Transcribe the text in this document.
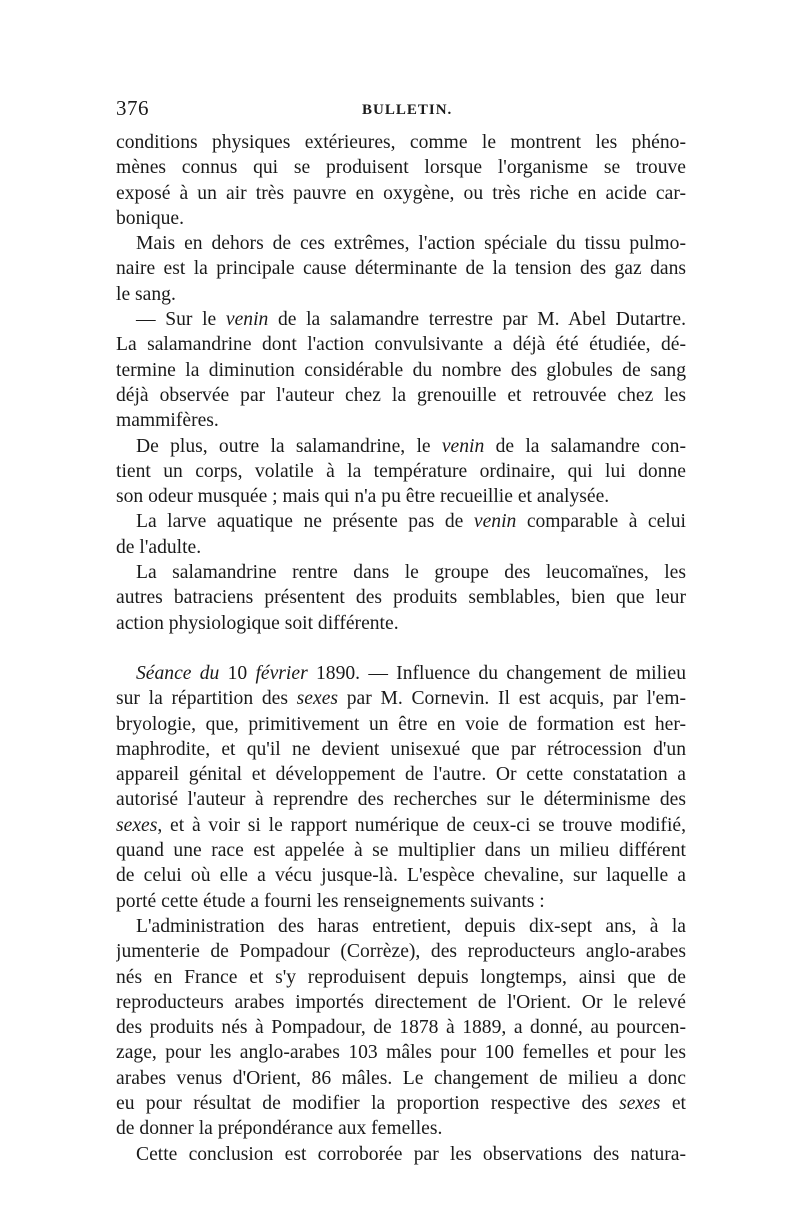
376	BULLETIN.
conditions physiques extérieures, comme le montrent les phéno-
mènes connus qui se produisent lorsque l'organisme se trouve
exposé à un air très pauvre en oxygène, ou très riche en acide car-
bonique.
Mais en dehors de ces extrêmes, l'action spéciale du tissu pulmo-
naire est la principale cause déterminante de la tension des gaz dans
le sang.
— Sur le venin de la salamandre terrestre par M. Abel Dutartre.
La salamandrine dont l'action convulsivante a déjà été étudiée, dé-
termine la diminution considérable du nombre des globules de sang
déjà observée par l'auteur chez la grenouille et retrouvée chez les
mammifères.
De plus, outre la salamandrine, le venin de la salamandre con-
tient un corps, volatile à la température ordinaire, qui lui donne
son odeur musquée ; mais qui n'a pu être recueillie et analysée.
La larve aquatique ne présente pas de venin comparable à celui
de l'adulte.
La salamandrine rentre dans le groupe des leucomaïnes, les
autres batraciens présentent des produits semblables, bien que leur
action physiologique soit différente.
Séance du 10 février 1890. — Influence du changement de milieu
sur la répartition des sexes par M. Cornevin. Il est acquis, par l'em-
bryologie, que, primitivement un être en voie de formation est her-
maphrodite, et qu'il ne devient unisexué que par rétrocession d'un
appareil génital et développement de l'autre. Or cette constatation a
autorisé l'auteur à reprendre des recherches sur le déterminisme des
sexes, et à voir si le rapport numérique de ceux-ci se trouve modifié,
quand une race est appelée à se multiplier dans un milieu différent
de celui où elle a vécu jusque-là. L'espèce chevaline, sur laquelle a
porté cette étude a fourni les renseignements suivants :
L'administration des haras entretient, depuis dix-sept ans, à la
jumenterie de Pompadour (Corrèze), des reproducteurs anglo-arabes
nés en France et s'y reproduisent depuis longtemps, ainsi que de
reproducteurs arabes importés directement de l'Orient. Or le relevé
des produits nés à Pompadour, de 1878 à 1889, a donné, au pourcen-
zage, pour les anglo-arabes 103 mâles pour 100 femelles et pour les
arabes venus d'Orient, 86 mâles. Le changement de milieu a donc
eu pour résultat de modifier la proportion respective des sexes et
de donner la prépondérance aux femelles.
Cette conclusion est corroborée par les observations des natura-
